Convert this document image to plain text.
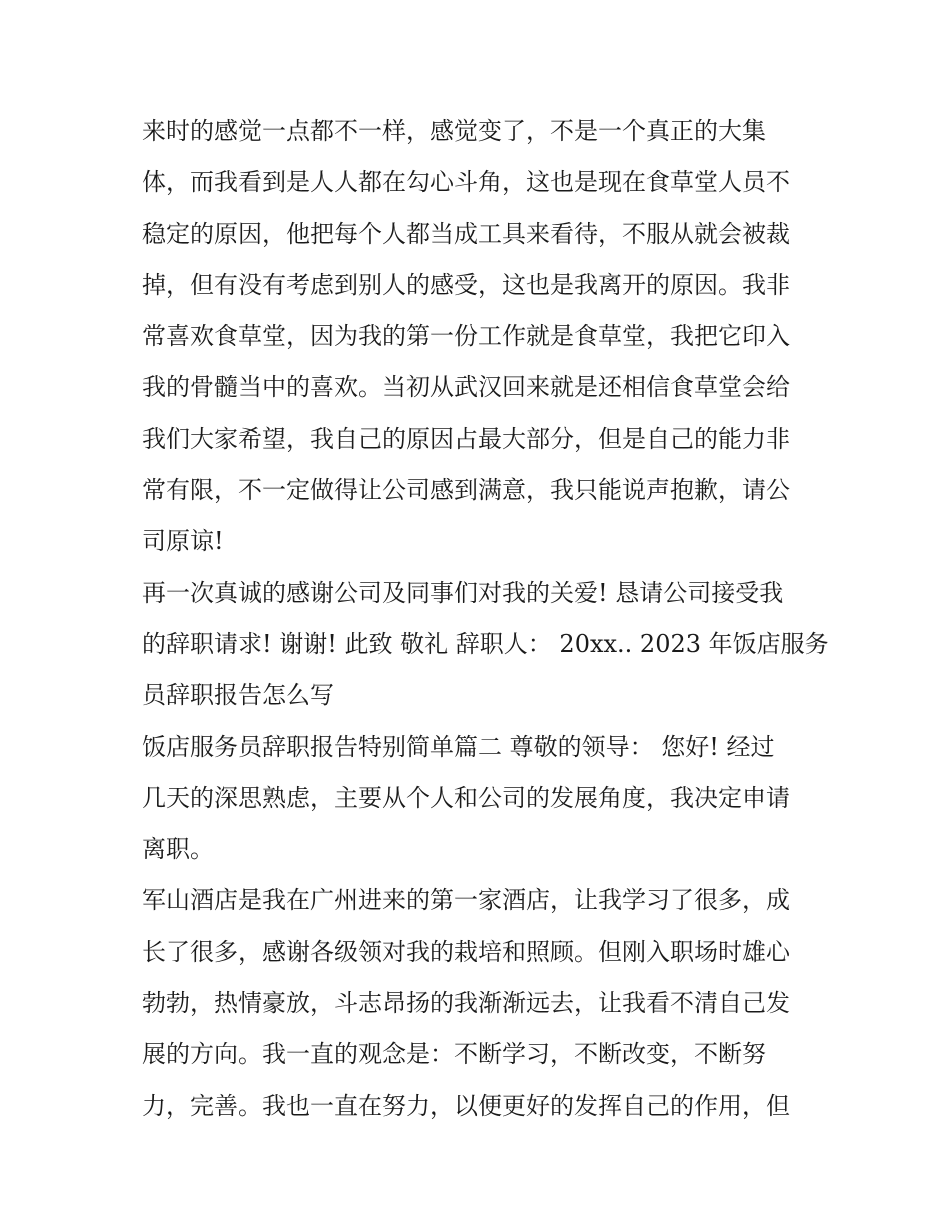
来时的感觉一点都不一样，感觉变了，不是一个真正的大集
体，而我看到是人人都在勾心斗角，这也是现在食草堂人员不
稳定的原因，他把每个人都当成工具来看待，不服从就会被裁
掉，但有没有考虑到别人的感受，这也是我离开的原因。我非
常喜欢食草堂，因为我的第一份工作就是食草堂，我把它印入
我的骨髓当中的喜欢。当初从武汉回来就是还相信食草堂会给
我们大家希望，我自己的原因占最大部分，但是自己的能力非
常有限，不一定做得让公司感到满意，我只能说声抱歉，请公
司原谅!
再一次真诚的感谢公司及同事们对我的关爱! 恳请公司接受我
的辞职请求! 谢谢! 此致 敬礼 辞职人： 20xx.. 2023 年饭店服务
员辞职报告怎么写
饭店服务员辞职报告特别简单篇二 尊敬的领导： 您好! 经过
几天的深思熟虑，主要从个人和公司的发展角度，我决定申请
离职。
军山酒店是我在广州进来的第一家酒店，让我学习了很多，成
长了很多，感谢各级领对我的栽培和照顾。但刚入职场时雄心
勃勃，热情豪放，斗志昂扬的我渐渐远去，让我看不清自己发
展的方向。我一直的观念是：不断学习，不断改变，不断努
力，完善。我也一直在努力，以便更好的发挥自己的作用，但
